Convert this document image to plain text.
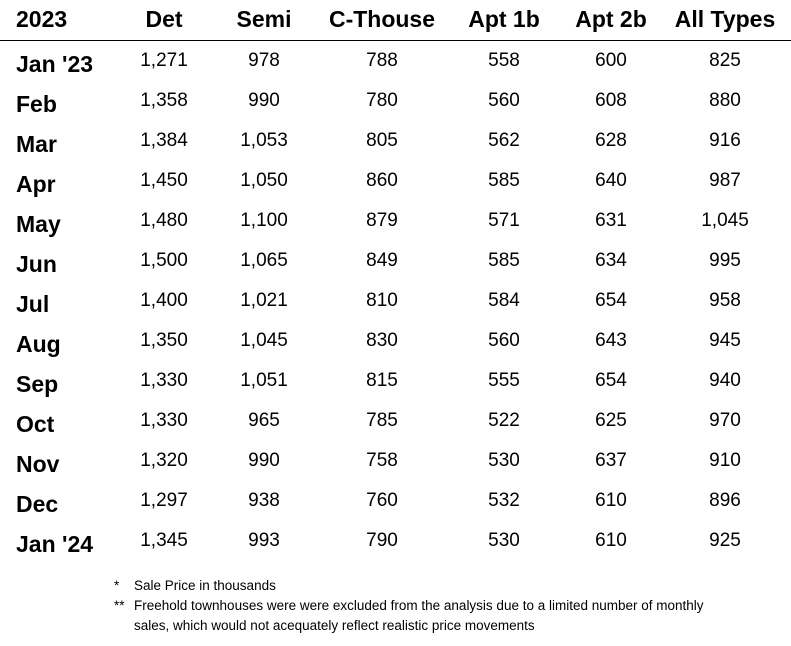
2023	Det	Semi	C-Thouse	Apt 1b	Apt 2b	All Types
Jan '23	1,271	978	788	558	600	825
Feb	1,358	990	780	560	608	880
Mar	1,384	1,053	805	562	628	916
Apr	1,450	1,050	860	585	640	987
May	1,480	1,100	879	571	631	1,045
Jun	1,500	1,065	849	585	634	995
Jul	1,400	1,021	810	584	654	958
Aug	1,350	1,045	830	560	643	945
Sep	1,330	1,051	815	555	654	940
Oct	1,330	965	785	522	625	970
Nov	1,320	990	758	530	637	910
Dec	1,297	938	760	532	610	896
Jan '24	1,345	993	790	530	610	925
* Sale Price in thousands
** Freehold townhouses were were excluded from the analysis due to a limited number of monthly sales, which would not acequately reflect realistic price movements
